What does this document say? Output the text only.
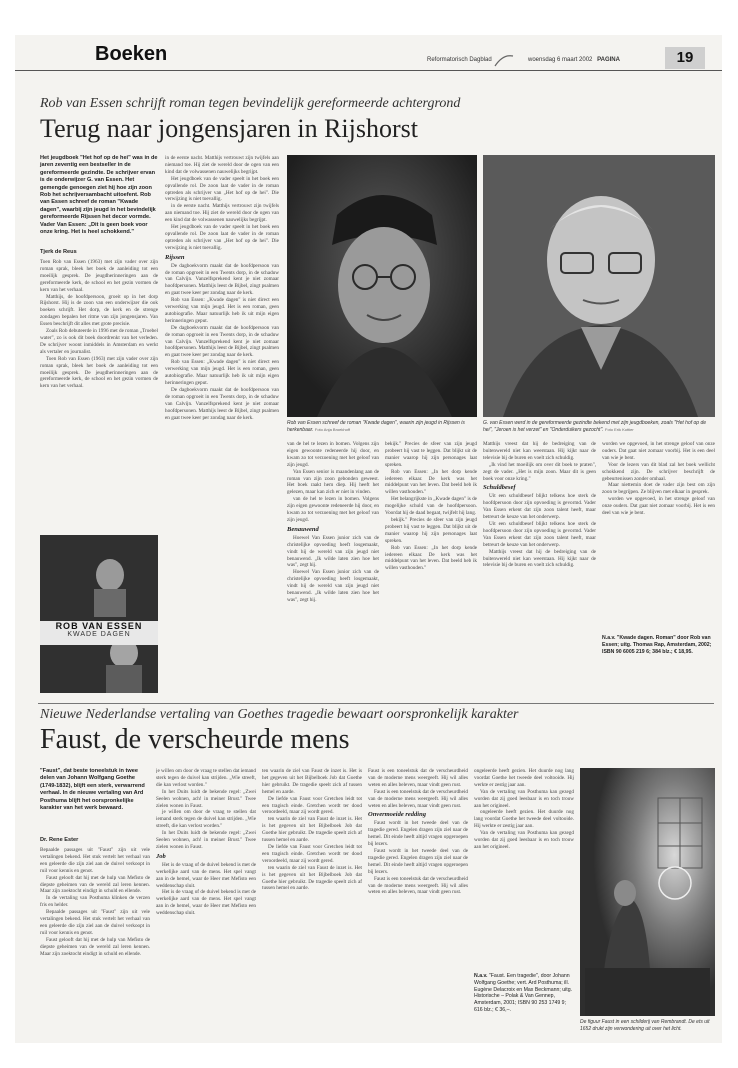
Boeken	Reformatorisch Dagblad	woensdag 6 maart 2002 PAGINA	19
Rob van Essen schrijft roman tegen bevindelijk gereformeerde achtergrond
Terug naar jongensjaren in Rijshorst
Het jeugdboek "Het hof op de hei" was in de jaren zeventig een bestseller in de gereformeerde gezindte. De schrijver ervan is de onderwijzer G. van Essen. Het gemengde genoegen ziet hij hoe zijn zoon Rob het schrijversambacht uitoefent. Rob van Essen schreef de roman "Kwade dagen", waarbij zijn jeugd in het bevindelijk gereformeerde Rijssen het decor vormde. Vader Van Essen: „Dit is geen boek voor onze kring. Het is heel schokkend."
Tjerk de Reus

Toen Rob van Essen (1963) met zijn vader over zijn roman sprak, bleek het boek de aanleiding tot een moeilijk gesprek. De jeugdherinneringen aan de gereformeerde kerk, de school en het gezin vormen de kern van het verhaal.

Matthijs, de hoofdpersoon, groeit op in het dorp Rijshorst. Hij is de zoon van een onderwijzer die ook boeken schrijft. Het dorp, de kerk en de strenge zondagen bepalen het ritme van zijn jongensjaren. Van Essen beschrijft dit alles met grote precisie.

Zoals Rob debuteerde in 1996 met de roman „Troebel water", zo is ook dit boek doordrenkt van het verleden. De schrijver woont inmiddels in Amsterdam en werkt als vertaler en journalist.

Toen Rob van Essen (1963) met zijn vader over zijn roman sprak, bleek het boek de aanleiding tot een moeilijk gesprek. De jeugdherinneringen aan de gereformeerde kerk, de school en het gezin vormen de kern van het verhaal.

ROB VAN ESSEN
KWADE DAGEN

in de eerste nacht. Matthijs vertrouwt zijn twijfels aan niemand toe. Hij ziet de wereld door de ogen van een kind dat de volwassenen nauwelijks begrijpt.

Het jeugdboek van de vader speelt in het boek een opvallende rol. De zoon laat de vader in de roman optreden als schrijver van „Het hof op de hei". Die verwijzing is niet toevallig.

in de eerste nacht. Matthijs vertrouwt zijn twijfels aan niemand toe. Hij ziet de wereld door de ogen van een kind dat de volwassenen nauwelijks begrijpt.

Het jeugdboek van de vader speelt in het boek een opvallende rol. De zoon laat de vader in de roman optreden als schrijver van „Het hof op de hei". Die verwijzing is niet toevallig.

Rijssen

De dagboekvorm maakt dat de hoofdpersoon van de roman opgroeit in een Twents dorp, in de schaduw van Calvijn. Vanzelfsprekend kent je niet zomaar hoofdpersonen. Matthijs leest de Bijbel, zingt psalmen en gaat twee keer per zondag naar de kerk.

Rob van Essen: „Kwade dagen" is niet direct een verwerking van mijn jeugd. Het is een roman, geen autobiografie. Maar natuurlijk heb ik uit mijn eigen herinneringen geput.

De dagboekvorm maakt dat de hoofdpersoon van de roman opgroeit in een Twents dorp, in de schaduw van Calvijn. Vanzelfsprekend kent je niet zomaar hoofdpersonen. Matthijs leest de Bijbel, zingt psalmen en gaat twee keer per zondag naar de kerk.

Rob van Essen: „Kwade dagen" is niet direct een verwerking van mijn jeugd. Het is een roman, geen autobiografie. Maar natuurlijk heb ik uit mijn eigen herinneringen geput.

De dagboekvorm maakt dat de hoofdpersoon van de roman opgroeit in een Twents dorp, in de schaduw van Calvijn. Vanzelfsprekend kent je niet zomaar hoofdpersonen. Matthijs leest de Bijbel, zingt psalmen en gaat twee keer per zondag naar de kerk.

Rob van Essen schreef de roman "Kwade dagen", waarin zijn jeugd in Rijssen is herkenbaar. Foto Anja Broekhoff
G. van Essen werd in de gereformeerde gezindte bekend met zijn jeugdboeken, zoals "Het hof op de hei", "Jeroen is het verzet" en "Onderduikers gezocht". Foto Erik Kottier

van de hel te lezen in bomen. Volgens zijn eigen gewoonte redeneerde hij door, en kwam zo tot verzoening met het geloof van zijn jeugd.

Van Essen senior is maandenlang aan de roman van zijn zoon gebonden geweest. Het boek raakt hem diep. Hij heeft het gelezen, maar kan zich er niet in vinden.

van de hel te lezen in bomen. Volgens zijn eigen gewoonte redeneerde hij door, en kwam zo tot verzoening met het geloof van zijn jeugd.

Benauwend

Hoewel Van Essen junior zich van de christelijke opvoeding heeft losgemaakt, vindt hij de wereld van zijn jeugd niet benauwend. „Ik wilde laten zien hoe het was", zegt hij.

Hoewel Van Essen junior zich van de christelijke opvoeding heeft losgemaakt, vindt hij de wereld van zijn jeugd niet benauwend. „Ik wilde laten zien hoe het was", zegt hij.

bekijk." Precies de sfeer van zijn jeugd probeert hij vast te leggen. Dat blijkt uit de manier waarop hij zijn personages laat spreken.

Rob van Essen: „In het dorp kende iedereen elkaar. De kerk was het middelpunt van het leven. Dat beeld heb ik willen vasthouden."

Het belangrijkste in „Kwade dagen" is de mogelijke schuld van de hoofdpersoon. Voordat hij de daad begaat, twijfelt hij lang.

bekijk." Precies de sfeer van zijn jeugd probeert hij vast te leggen. Dat blijkt uit de manier waarop hij zijn personages laat spreken.

Rob van Essen: „In het dorp kende iedereen elkaar. De kerk was het middelpunt van het leven. Dat beeld heb ik willen vasthouden."

Matthijs vreest dat hij de bedreiging van de buitenwereld niet kan weerstaan. Hij kijkt naar de televisie bij de buren en voelt zich schuldig.

„Ik vind het moeilijk om over dit boek te praten", zegt de vader. „Het is mijn zoon. Maar dit is geen boek voor onze kring."

Schuldbesef

Uit een schuldbesef blijkt telkens hoe sterk de hoofdpersoon door zijn opvoeding is gevormd. Vader Van Essen erkent dat zijn zoon talent heeft, maar betreurt de keuze van het onderwerp.

Uit een schuldbesef blijkt telkens hoe sterk de hoofdpersoon door zijn opvoeding is gevormd. Vader Van Essen erkent dat zijn zoon talent heeft, maar betreurt de keuze van het onderwerp.

Matthijs vreest dat hij de bedreiging van de buitenwereld niet kan weerstaan. Hij kijkt naar de televisie bij de buren en voelt zich schuldig.

worden we opgevoed, in het strenge geloof van onze ouders. Dat gaat niet zomaar voorbij. Het is een deel van wie je bent.

Voor de lezers van dit blad zal het boek wellicht schokkend zijn. De schrijver beschrijft de gebeurtenissen zonder omhaal.

Maar niettemin doet de vader zijn best om zijn zoon te begrijpen. Ze blijven met elkaar in gesprek.

worden we opgevoed, in het strenge geloof van onze ouders. Dat gaat niet zomaar voorbij. Het is een deel van wie je bent.

N.a.v. "Kwade dagen. Roman" door Rob van Essen; uitg. Thomas Rap, Amsterdam, 2002; ISBN 90 6005 219 6; 384 blz.; € 18,95.
Nieuwe Nederlandse vertaling van Goethes tragedie bewaart oorspronkelijk karakter
Faust, de verscheurde mens
"Faust", dat beste toneelstuk in twee delen van Johann Wolfgang Goethe (1749-1832), blijft een sterk, verwarrend verhaal. In de nieuwe vertaling van Ard Posthuma blijft het oorspronkelijke karakter van het werk bewaard.
Dr. Rene Ester

Bepaalde passages uit "Faust" zijn uit vele vertalingen bekend. Het stuk vertelt het verhaal van een geleerde die zijn ziel aan de duivel verkoopt in ruil voor kennis en genot.

Faust gelooft dat hij met de hulp van Mefisto de diepste geheimen van de wereld zal leren kennen. Maar zijn zoektocht eindigt in schuld en ellende.

In de vertaling van Posthuma klinken de verzen fris en helder.

Bepaalde passages uit "Faust" zijn uit vele vertalingen bekend. Het stuk vertelt het verhaal van een geleerde die zijn ziel aan de duivel verkoopt in ruil voor kennis en genot.

Faust gelooft dat hij met de hulp van Mefisto de diepste geheimen van de wereld zal leren kennen. Maar zijn zoektocht eindigt in schuld en ellende.

je willen om door de vraag te stellen dat iemand sterk tegen de duivel kan strijden. „Wie streeft, die kan verlost worden."

In het Duits luidt de bekende regel: „Zwei Seelen wohnen, ach! in meiner Brust." Twee zielen wonen in Faust.

je willen om door de vraag te stellen dat iemand sterk tegen de duivel kan strijden. „Wie streeft, die kan verlost worden."

In het Duits luidt de bekende regel: „Zwei Seelen wohnen, ach! in meiner Brust." Twee zielen wonen in Faust.

Job

Het is de vraag of de duivel bekend is met de werkelijke aard van de mens. Het spel vangt aan in de hemel, waar de Heer met Mefisto een weddenschap sluit.

Het is de vraag of de duivel bekend is met de werkelijke aard van de mens. Het spel vangt aan in de hemel, waar de Heer met Mefisto een weddenschap sluit.

ten waarin de ziel van Faust de inzet is. Het is het gegeven uit het Bijbelboek Job dat Goethe hier gebruikt. De tragedie speelt zich af tussen hemel en aarde.

De liefde van Faust voor Gretchen leidt tot een tragisch einde. Gretchen wordt ter dood veroordeeld, maar zij wordt gered.

ten waarin de ziel van Faust de inzet is. Het is het gegeven uit het Bijbelboek Job dat Goethe hier gebruikt. De tragedie speelt zich af tussen hemel en aarde.

De liefde van Faust voor Gretchen leidt tot een tragisch einde. Gretchen wordt ter dood veroordeeld, maar zij wordt gered.

ten waarin de ziel van Faust de inzet is. Het is het gegeven uit het Bijbelboek Job dat Goethe hier gebruikt. De tragedie speelt zich af tussen hemel en aarde.

Faust is een toneelstuk dat de verscheurdheid van de moderne mens weergeeft. Hij wil alles weten en alles beleven, maar vindt geen rust.

Faust is een toneelstuk dat de verscheurdheid van de moderne mens weergeeft. Hij wil alles weten en alles beleven, maar vindt geen rust.

Onvermoeide redding

Faust wordt in het tweede deel van de tragedie gered. Engelen dragen zijn ziel naar de hemel. Dit einde heeft altijd vragen opgeroepen bij lezers.

Faust wordt in het tweede deel van de tragedie gered. Engelen dragen zijn ziel naar de hemel. Dit einde heeft altijd vragen opgeroepen bij lezers.

Faust is een toneelstuk dat de verscheurdheid van de moderne mens weergeeft. Hij wil alles weten en alles beleven, maar vindt geen rust.

ongeleerde heeft gezien. Het duurde nog lang voordat Goethe het tweede deel voltooide. Hij werkte er zestig jaar aan.

Van de vertaling van Posthuma kan gezegd worden dat zij goed leesbaar is en toch trouw aan het origineel.

ongeleerde heeft gezien. Het duurde nog lang voordat Goethe het tweede deel voltooide. Hij werkte er zestig jaar aan.

Van de vertaling van Posthuma kan gezegd worden dat zij goed leesbaar is en toch trouw aan het origineel.

N.a.v. "Faust. Een tragedie", door Johann Wolfgang Goethe; vert. Ard Posthuma; ill. Eugène Delacroix en Max Beckmann; uitg. Historische – Polak & Van Gennep, Amsterdam, 2001; ISBN 90 253 1749 9; 616 blz.; € 36,–.
De figuur Faust in een schilderij van Rembrandt. De ets uit 1652 drukt zijn verwondering uit over het licht.
